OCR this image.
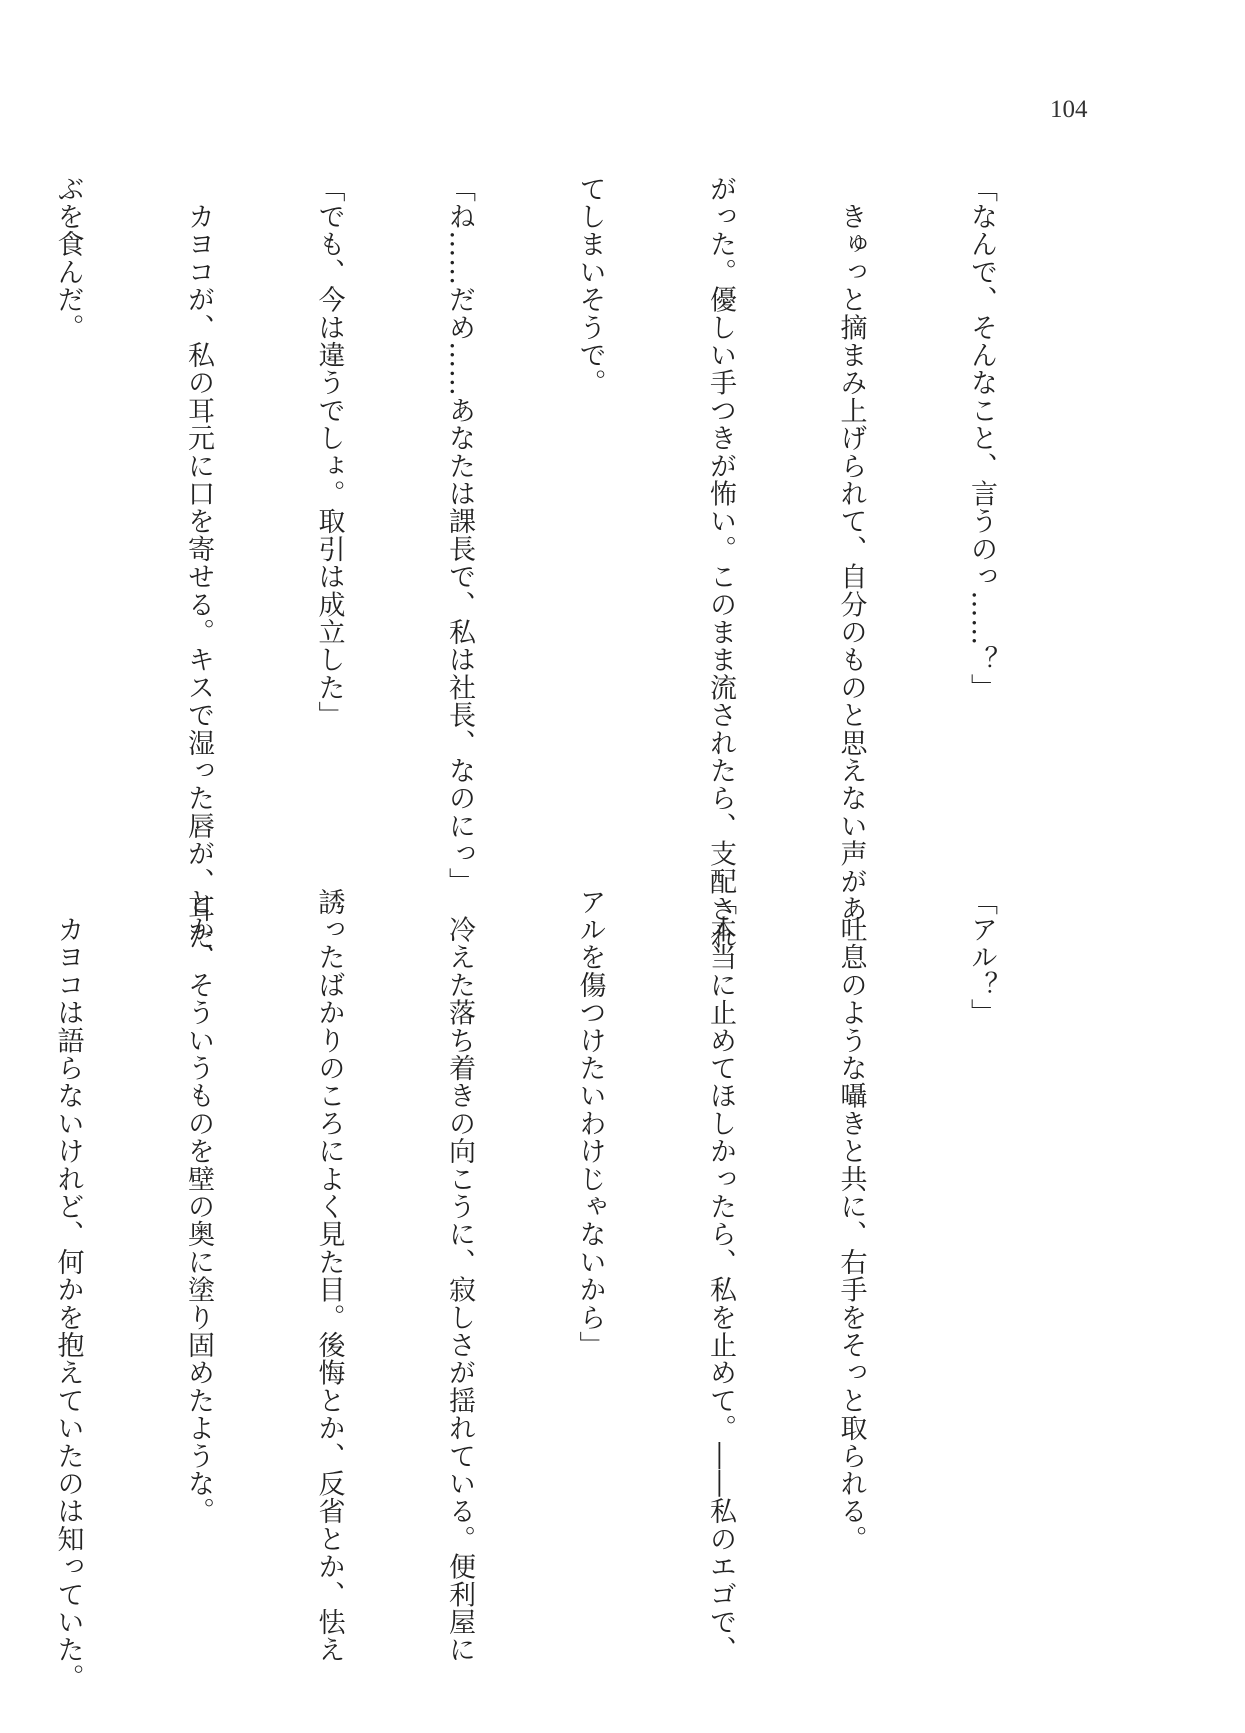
104

「なんで、そんなこと、言うのっ……？」

　きゅっと摘まみ上げられて、自分のものと思えない声があ

がった。優しい手つきが怖い。このまま流されたら、支配され

てしまいそうで。

「ね……だめ……あなたは課長で、私は社長、なのにっ」

「でも、今は違うでしょ。取引は成立した」

　カヨコが、私の耳元に口を寄せる。キスで湿った唇が、耳た

ぶを食んだ。

「アル？」

　吐息のような囁きと共に、右手をそっと取られる。

「本当に止めてほしかったら、私を止めて。――私のエゴで、

アルを傷つけたいわけじゃないから」

　冷えた落ち着きの向こうに、寂しさが揺れている。便利屋に

誘ったばかりのころによく見た目。後悔とか、反省とか、怯え

とか、そういうものを壁の奥に塗り固めたような。

　カヨコは語らないけれど、何かを抱えていたのは知っていた。
